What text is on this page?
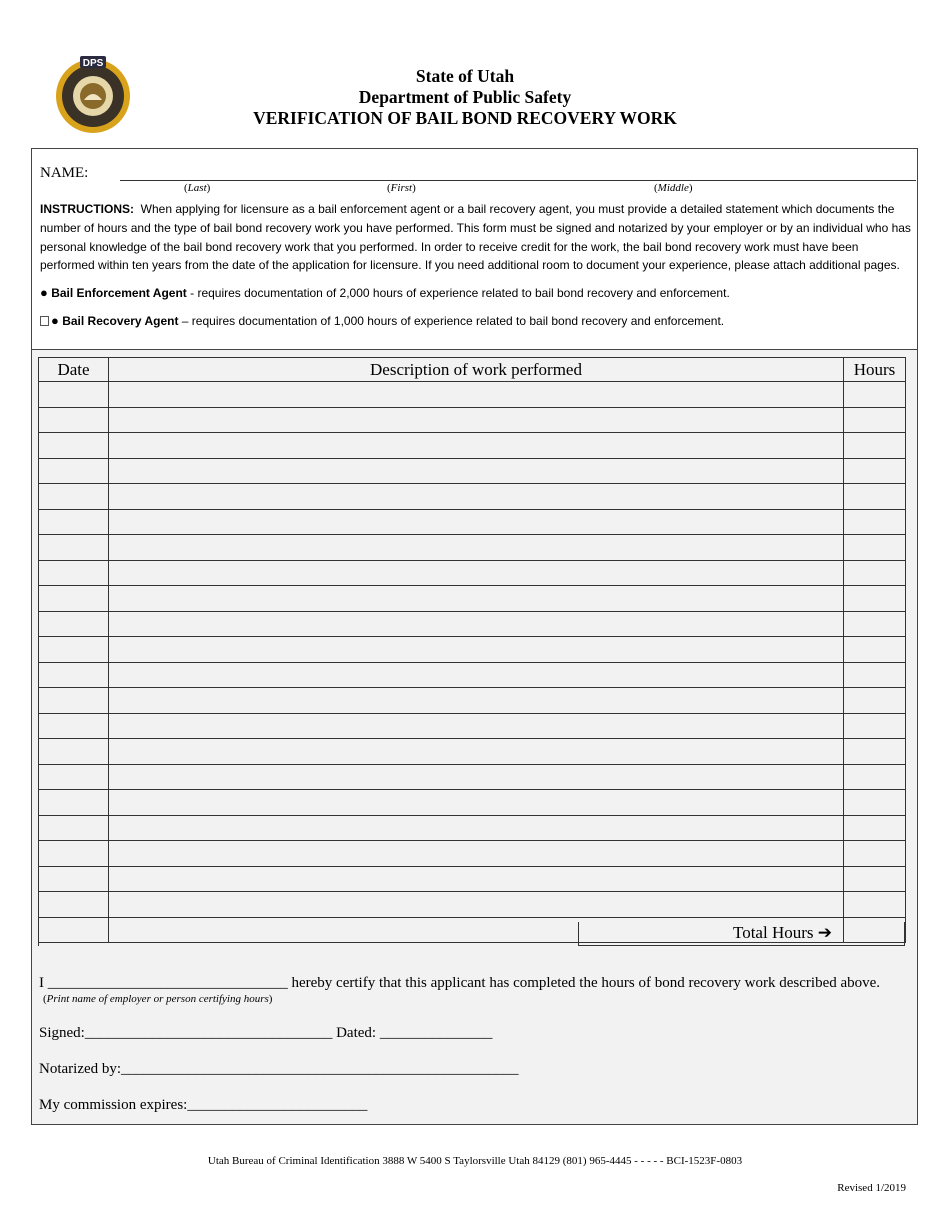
DPS
State of Utah
Department of Public Safety
VERIFICATION OF BAIL BOND RECOVERY WORK
NAME:
(Last)	(First)	(Middle)
INSTRUCTIONS: When applying for licensure as a bail enforcement agent or a bail recovery agent, you must provide a detailed statement which documents the number of hours and the type of bail bond recovery work you have performed. This form must be signed and notarized by your employer or by an individual who has personal knowledge of the bail bond recovery work that you performed. In order to receive credit for the work, the bail bond recovery work must have been performed within ten years from the date of the application for licensure. If you need additional room to document your experience, please attach additional pages.
● Bail Enforcement Agent - requires documentation of 2,000 hours of experience related to bail bond recovery and enforcement.
● Bail Recovery Agent – requires documentation of 1,000 hours of experience related to bail bond recovery and enforcement.
Date	Description of work performed	Hours

Total Hours ➔
I ________________________________ hereby certify that this applicant has completed the hours of bond recovery work described above.
(Print name of employer or person certifying hours)
Signed:_________________________________ Dated: _______________
Notarized by:_____________________________________________________
My commission expires:________________________
Utah Bureau of Criminal Identification 3888 W 5400 S Taylorsville Utah 84129 (801) 965-4445 - - - - - BCI-1523F-0803
Revised 1/2019
